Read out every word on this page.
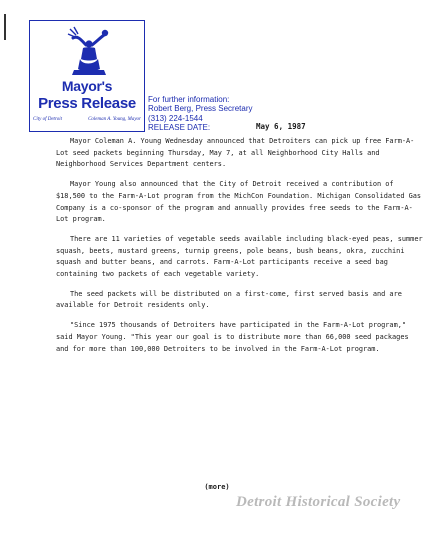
Mayor's
Press Release
City of Detroit	Coleman A. Young, Mayor
For further information:
Robert Berg, Press Secretary
(313) 224-1544
RELEASE DATE:	May 6, 1987

Mayor Coleman A. Young Wednesday announced that Detroiters can pick up free Farm-A-Lot seed packets beginning Thursday, May 7, at all Neighborhood City Halls and Neighborhood Services Department centers.

Mayor Young also announced that the City of Detroit received a contribution of $18,500 to the Farm-A-Lot program from the MichCon Foundation. Michigan Consolidated Gas Company is a co-sponsor of the program and annually provides free seeds to the Farm-A-Lot program.

There are 11 varieties of vegetable seeds available including black-eyed peas, summer squash, beets, mustard greens, turnip greens, pole beans, bush beans, okra, zucchini squash and butter beans, and carrots. Farm-A-Lot participants receive a seed bag containing two packets of each vegetable variety.

The seed packets will be distributed on a first-come, first served basis and are available for Detroit residents only.

"Since 1975 thousands of Detroiters have participated in the Farm-A-Lot program," said Mayor Young. "This year our goal is to distribute more than 66,000 seed packages and for more than 100,000 Detroiters to be involved in the Farm-A-Lot program.

(more)
Detroit Historical Society
